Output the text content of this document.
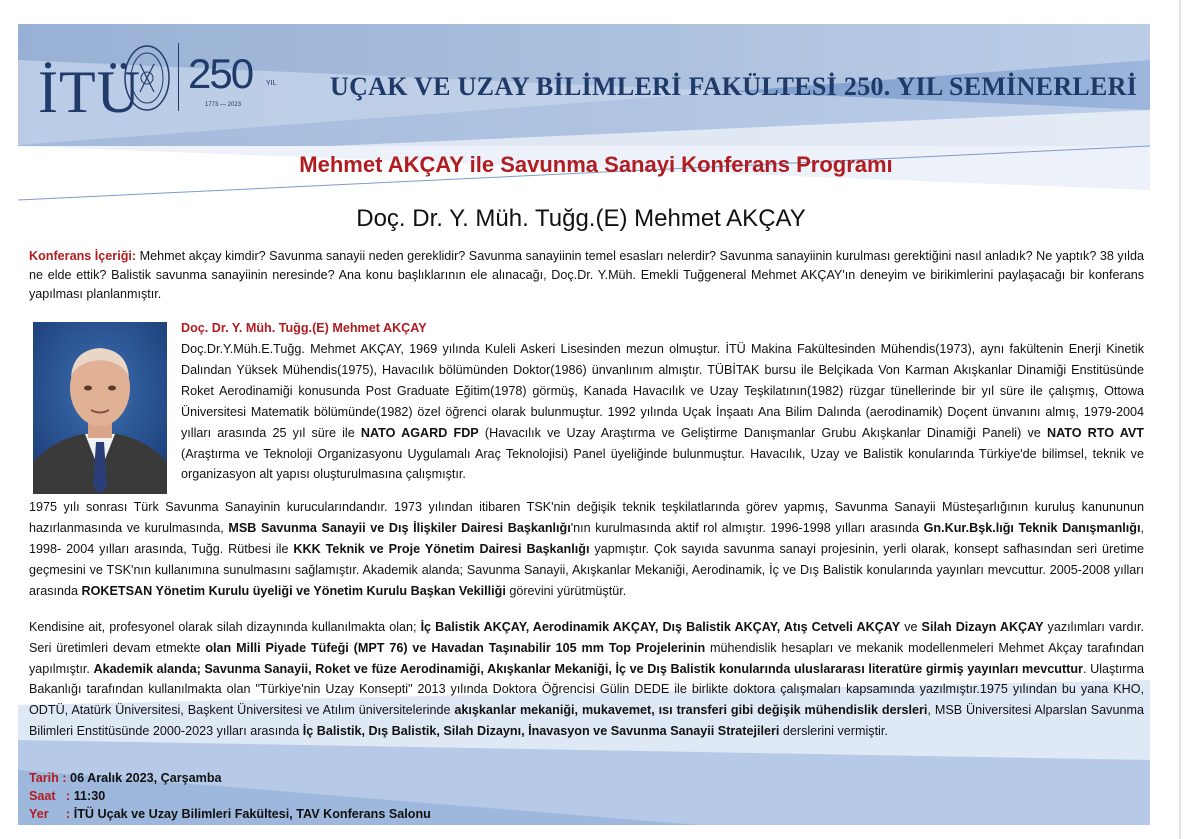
İTÜ 250 YIL
1773 — 2023
UÇAK VE UZAY BİLİMLERİ FAKÜLTESİ 250. YIL SEMİNERLERİ
Mehmet AKÇAY ile Savunma Sanayi Konferans Programı
Doç. Dr. Y. Müh. Tuğg.(E) Mehmet AKÇAY
Konferans İçeriği: Mehmet akçay kimdir? Savunma sanayii neden gereklidir? Savunma sanayiinin temel esasları nelerdir? Savunma sanayiinin kurulması gerektiğini nasıl anladık? Ne yaptık? 38 yılda ne elde ettik? Balistik savunma sanayiinin neresinde? Ana konu başlıklarının ele alınacağı, Doç.Dr. Y.Müh. Emekli Tuğgeneral Mehmet AKÇAY'ın deneyim ve birikimlerini paylaşacağı bir konferans yapılması planlanmıştır.
Doç. Dr. Y. Müh. Tuğg.(E) Mehmet AKÇAY
Doç.Dr.Y.Müh.E.Tuğg. Mehmet AKÇAY, 1969 yılında Kuleli Askeri Lisesinden mezun olmuştur. İTÜ Makina Fakültesinden Mühendis(1973), aynı fakültenin Enerji Kinetik Dalından Yüksek Mühendis(1975), Havacılık bölümünden Doktor(1986) ünvanlınım almıştır. TÜBİTAK bursu ile Belçikada Von Karman Akışkanlar Dinamiği Enstitüsünde Roket Aerodinamiği konusunda Post Graduate Eğitim(1978) görmüş, Kanada Havacılık ve Uzay Teşkilatının(1982) rüzgar tünellerinde bir yıl süre ile çalışmış, Ottowa Üniversitesi Matematik bölümünde(1982) özel öğrenci olarak bulunmuştur. 1992 yılında Uçak İnşaatı Ana Bilim Dalında (aerodinamik) Doçent ünvanını almış, 1979-2004 yılları arasında 25 yıl süre ile NATO AGARD FDP (Havacılık ve Uzay Araştırma ve Geliştirme Danışmanlar Grubu Akışkanlar Dinamiği Paneli) ve NATO RTO AVT (Araştırma ve Teknoloji Organizasyonu Uygulamalı Araç Teknolojisi) Panel üyeliğinde bulunmuştur. Havacılık, Uzay ve Balistik konularında Türkiye'de bilimsel, teknik ve organizasyon alt yapısı oluşturulmasına çalışmıştır.
1975 yılı sonrası Türk Savunma Sanayinin kurucularındandır. 1973 yılından itibaren TSK'nin değişik teknik teşkilatlarında görev yapmış, Savunma Sanayii Müsteşarlığının kuruluş kanununun hazırlanmasında ve kurulmasında, MSB Savunma Sanayii ve Dış İlişkiler Dairesi Başkanlığı'nın kurulmasında aktif rol almıştır. 1996-1998 yılları arasında Gn.Kur.Bşk.lığı Teknik Danışmanlığı, 1998- 2004 yılları arasında, Tuğg. Rütbesi ile KKK Teknik ve Proje Yönetim Dairesi Başkanlığı yapmıştır. Çok sayıda savunma sanayi projesinin, yerli olarak, konsept safhasından seri üretime geçmesini ve TSK'nın kullanımına sunulmasını sağlamıştır. Akademik alanda; Savunma Sanayii, Akışkanlar Mekaniği, Aerodinamik, İç ve Dış Balistik konularında yayınları mevcuttur. 2005-2008 yılları arasında ROKETSAN Yönetim Kurulu üyeliği ve Yönetim Kurulu Başkan Vekilliği görevini yürütmüştür.
Kendisine ait, profesyonel olarak silah dizaynında kullanılmakta olan; İç Balistik AKÇAY, Aerodinamik AKÇAY, Dış Balistik AKÇAY, Atış Cetveli AKÇAY ve Silah Dizayn AKÇAY yazılımları vardır. Seri üretimleri devam etmekte olan Milli Piyade Tüfeği (MPT 76) ve Havadan Taşınabilir 105 mm Top Projelerinin mühendislik hesapları ve mekanik modellenmeleri Mehmet Akçay tarafından yapılmıştır. Akademik alanda; Savunma Sanayii, Roket ve füze Aerodinamiği, Akışkanlar Mekaniği, İç ve Dış Balistik konularında uluslararası literatüre girmiş yayınları mevcuttur. Ulaştırma Bakanlığı tarafından kullanılmakta olan "Türkiye'nin Uzay Konsepti" 2013 yılında Doktora Öğrencisi Gülin DEDE ile birlikte doktora çalışmaları kapsamında yazılmıştır.1975 yılından bu yana KHO, ODTÜ, Atatürk Üniversitesi, Başkent Üniversitesi ve Atılım üniversitelerinde akışkanlar mekaniği, mukavemet, ısı transferi gibi değişik mühendislik dersleri, MSB Üniversitesi Alparslan Savunma Bilimleri Enstitüsünde 2000-2023 yılları arasında İç Balistik, Dış Balistik, Silah Dizaynı, İnavasyon ve Savunma Sanayii Stratejileri derslerini vermiştir.
Tarih : 06 Aralık 2023, Çarşamba
Saat : 11:30
Yer : İTÜ Uçak ve Uzay Bilimleri Fakültesi, TAV Konferans Salonu
